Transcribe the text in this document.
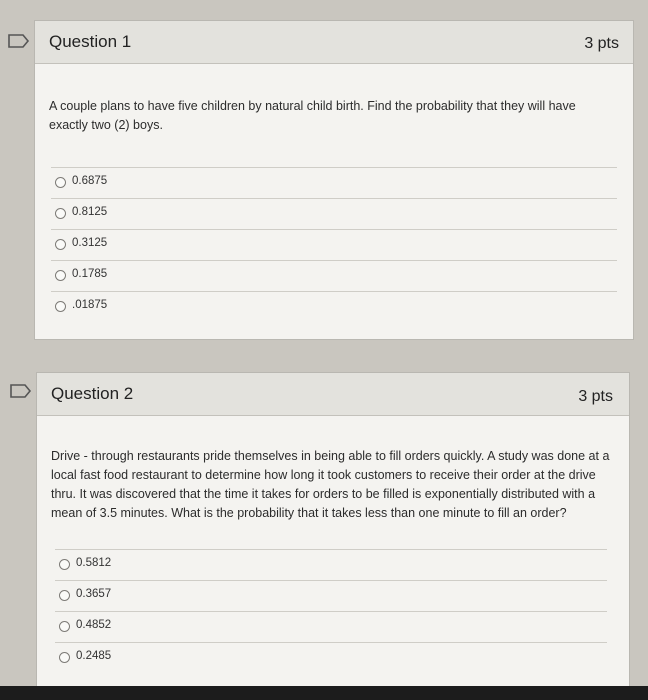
Question 1	3 pts
A couple plans to have five children by natural child birth. Find the probability that they will have exactly two (2) boys.
0.6875
0.8125
0.3125
0.1785
.01875
Question 2	3 pts
Drive - through restaurants pride themselves in being able to fill orders quickly. A study was done at a local fast food restaurant to determine how long it took customers to receive their order at the drive thru. It was discovered that the time it takes for orders to be filled is exponentially distributed with a mean of 3.5 minutes. What is the probability that it takes less than one minute to fill an order?
0.5812
0.3657
0.4852
0.2485
